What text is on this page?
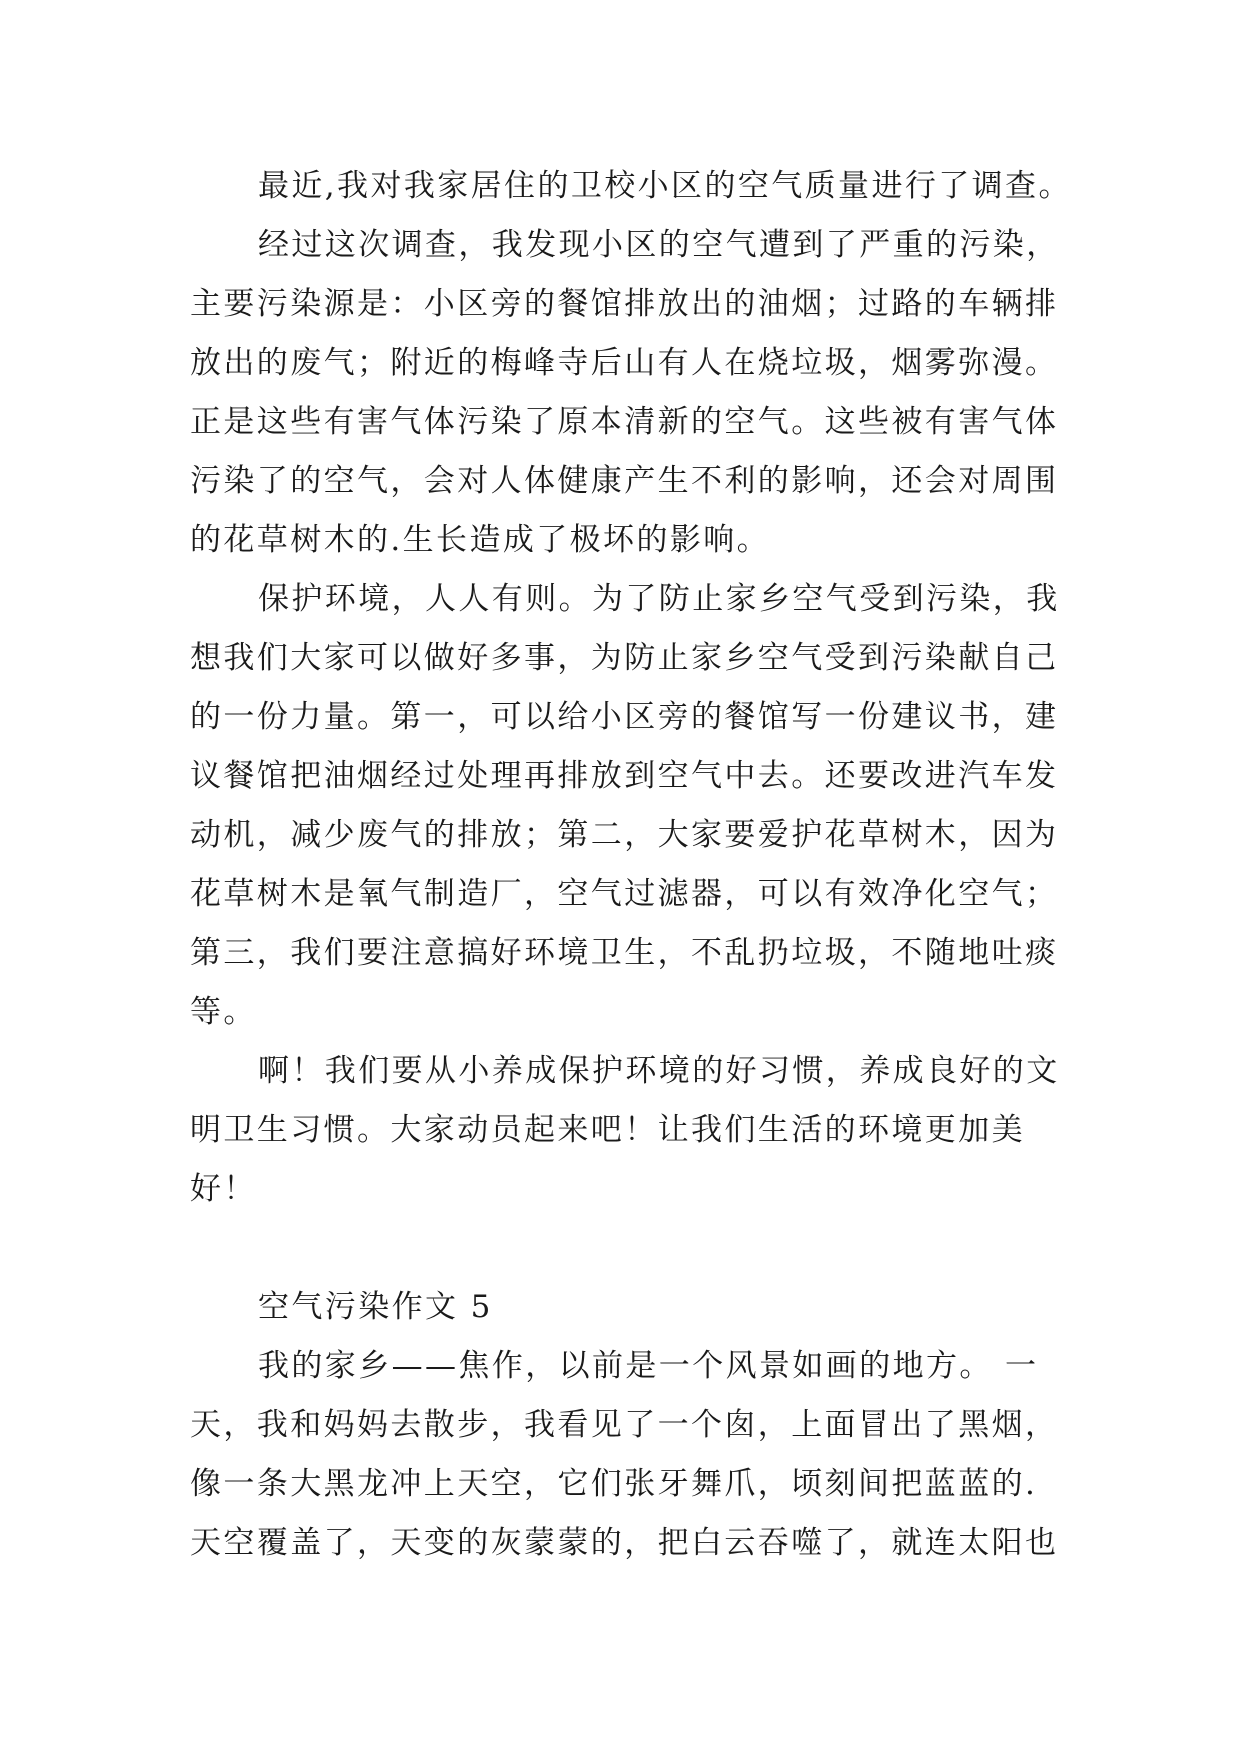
最近,我对我家居住的卫校小区的空气质量进行了调查。
经过这次调查，我发现小区的空气遭到了严重的污染，
主要污染源是：小区旁的餐馆排放出的油烟；过路的车辆排
放出的废气；附近的梅峰寺后山有人在烧垃圾，烟雾弥漫。
正是这些有害气体污染了原本清新的空气。这些被有害气体
污染了的空气，会对人体健康产生不利的影响，还会对周围
的花草树木的.生长造成了极坏的影响。
保护环境，人人有则。为了防止家乡空气受到污染，我
想我们大家可以做好多事，为防止家乡空气受到污染献自己
的一份力量。第一，可以给小区旁的餐馆写一份建议书，建
议餐馆把油烟经过处理再排放到空气中去。还要改进汽车发
动机，减少废气的排放；第二，大家要爱护花草树木，因为
花草树木是氧气制造厂，空气过滤器，可以有效净化空气；
第三，我们要注意搞好环境卫生，不乱扔垃圾，不随地吐痰
等。
啊！我们要从小养成保护环境的好习惯，养成良好的文
明卫生习惯。大家动员起来吧！让我们生活的环境更加美
好！
空气污染作文 5
我的家乡——焦作，以前是一个风景如画的地方。 一
天，我和妈妈去散步，我看见了一个囱，上面冒出了黑烟，
像一条大黑龙冲上天空，它们张牙舞爪，顷刻间把蓝蓝的.
天空覆盖了，天变的灰蒙蒙的，把白云吞噬了，就连太阳也
